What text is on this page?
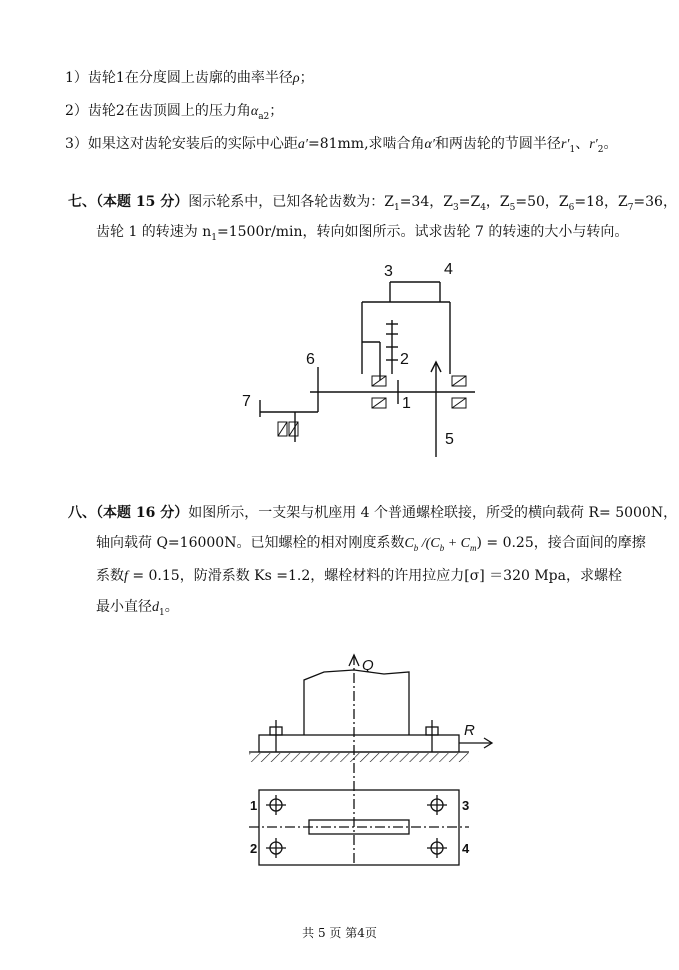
1）齿轮1在分度圆上齿廓的曲率半径ρ；
2）齿轮2在齿顶圆上的压力角$\alpha_{a2}$；
3）如果这对齿轮安装后的实际中心距a′=81mm,求啮合角α′和两齿轮的节圆半径$r'_1$、$r'_2$。
七、（本题 15 分）图示轮系中，已知各轮齿数为：$Z_1=34$，$Z_3=Z_4$，$Z_5=50$，$Z_6=18$，$Z_7=36$，
齿轮 1 的转速为 $n_1=1500r/\min$，转向如图所示。试求齿轮 7 的转速的大小与转向。
1
2
3	4
5
6
7
八、（本题 16 分）如图所示，一支架与机座用 4 个普通螺栓联接，所受的横向载荷 R= 5000N，
轴向载荷 Q=16000N。已知螺栓的相对刚度系数$C_b$ $/(C_b + C_m) = 0.25$，接合面间的摩擦
系数f = 0.15，防滑系数 Ks =1.2，螺栓材料的许用拉应力[σ] ＝320 Mpa，求螺栓
最小直径$d_1$。
Q
R
1
2
3
4
共 5 页 第4页
